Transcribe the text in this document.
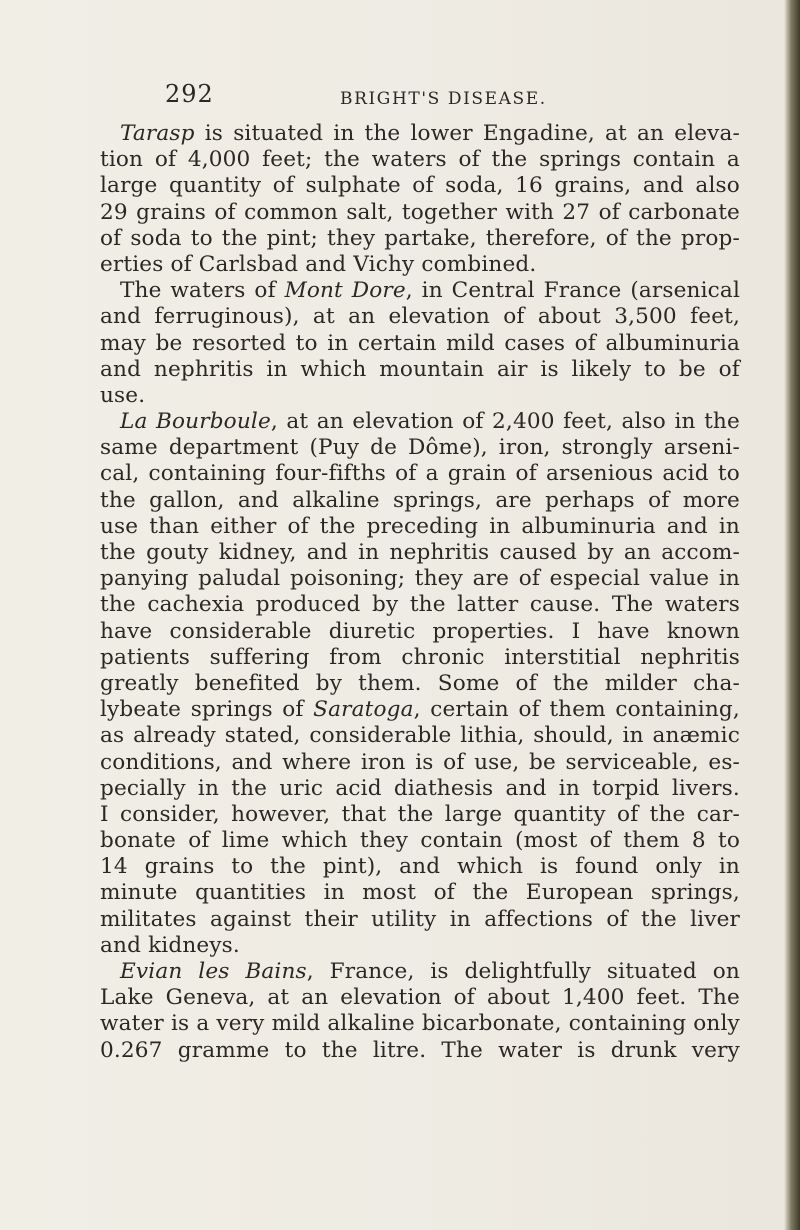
292	BRIGHT'S DISEASE.
Tarasp is situated in the lower Engadine, at an eleva-
tion of 4,000 feet; the waters of the springs contain a
large quantity of sulphate of soda, 16 grains, and also
29 grains of common salt, together with 27 of carbonate
of soda to the pint; they partake, therefore, of the prop-
erties of Carlsbad and Vichy combined.
The waters of Mont Dore, in Central France (arsenical
and ferruginous), at an elevation of about 3,500 feet,
may be resorted to in certain mild cases of albuminuria
and nephritis in which mountain air is likely to be of
use.
La Bourboule, at an elevation of 2,400 feet, also in the
same department (Puy de Dôme), iron, strongly arseni-
cal, containing four-fifths of a grain of arsenious acid to
the gallon, and alkaline springs, are perhaps of more
use than either of the preceding in albuminuria and in
the gouty kidney, and in nephritis caused by an accom-
panying paludal poisoning; they are of especial value in
the cachexia produced by the latter cause. The waters
have considerable diuretic properties. I have known
patients suffering from chronic interstitial nephritis
greatly benefited by them. Some of the milder cha-
lybeate springs of Saratoga, certain of them containing,
as already stated, considerable lithia, should, in anæmic
conditions, and where iron is of use, be serviceable, es-
pecially in the uric acid diathesis and in torpid livers.
I consider, however, that the large quantity of the car-
bonate of lime which they contain (most of them 8 to
14 grains to the pint), and which is found only in
minute quantities in most of the European springs,
militates against their utility in affections of the liver
and kidneys.
Evian les Bains, France, is delightfully situated on
Lake Geneva, at an elevation of about 1,400 feet. The
water is a very mild alkaline bicarbonate, containing only
0.267 gramme to the litre. The water is drunk very
